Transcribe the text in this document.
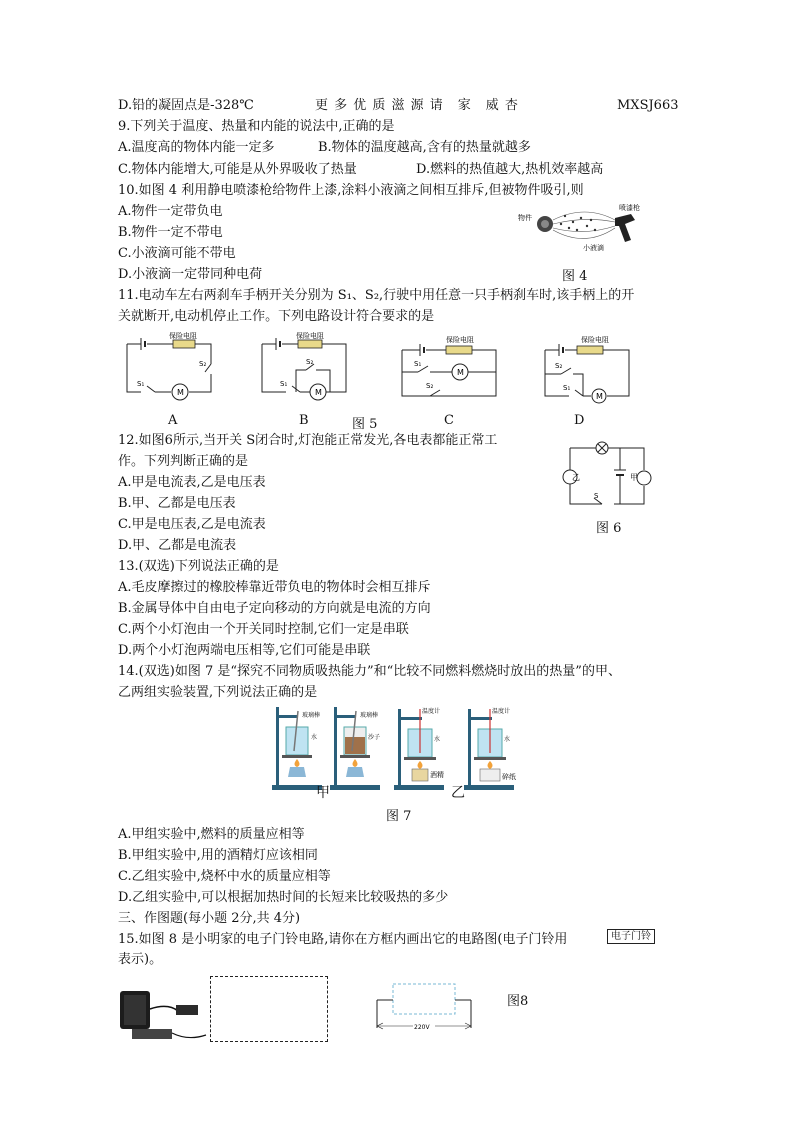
D.铅的凝固点是-328℃	更 多 优 质 滋 源 请　家　威 杏	MXSJ663
9.下列关于温度、热量和内能的说法中,正确的是
A.温度高的物体内能一定多	B.物体的温度越高,含有的热量就越多
C.物体内能增大,可能是从外界吸收了热量	D.燃料的热值越大,热机效率越高
10.如图 4 利用静电喷漆枪给物件上漆,涂料小液滴之间相互排斥,但被物件吸引,则
A.物件一定带负电
B.物件一定不带电
C.小液滴可能不带电
D.小液滴一定带同种电荷
物件
喷漆枪
小液滴
图 4
11.电动车左右两刹车手柄开关分别为 S₁、S₂,行驶中用任意一只手柄刹车时,该手柄上的开
关就断开,电动机停止工作。下列电路设计符合要求的是
M
保险电阻
S₂
S₁
A
M
保险电阻
S₂
S₁
B	图 5
M
保险电阻
S₁
S₂
C
M
保险电阻
S₂
S₁
D
12.如图6所示,当开关 S闭合时,灯泡能正常发光,各电表都能正常工
作。下列判断正确的是
A.甲是电流表,乙是电压表
B.甲、乙都是电压表
C.甲是电压表,乙是电流表
D.甲、乙都是电流表
乙	甲
S
图 6
13.(双选)下列说法正确的是
A.毛皮摩擦过的橡胶棒靠近带负电的物体时会相互排斥
B.金属导体中自由电子定向移动的方向就是电流的方向
C.两个小灯泡由一个开关同时控制,它们一定是串联
D.两个小灯泡两端电压相等,它们可能是串联
14.(双选)如图 7 是“探究不同物质吸热能力”和“比较不同燃料燃烧时放出的热量”的甲、
乙两组实验装置,下列说法正确的是
玻璃棒
水
玻璃棒
沙子
温度计
水
酒精
温度计
水
碎纸
甲	乙
图 7
A.甲组实验中,燃料的质量应相等
B.甲组实验中,用的酒精灯应该相同
C.乙组实验中,烧杯中水的质量应相等
D.乙组实验中,可以根据加热时间的长短来比较吸热的多少
三、作图题(每小题 2分,共 4分)
15.如图 8 是小明家的电子门铃电路,请你在方框内画出它的电路图(电子门铃用	电子门铃
表示)。
220V
图8
